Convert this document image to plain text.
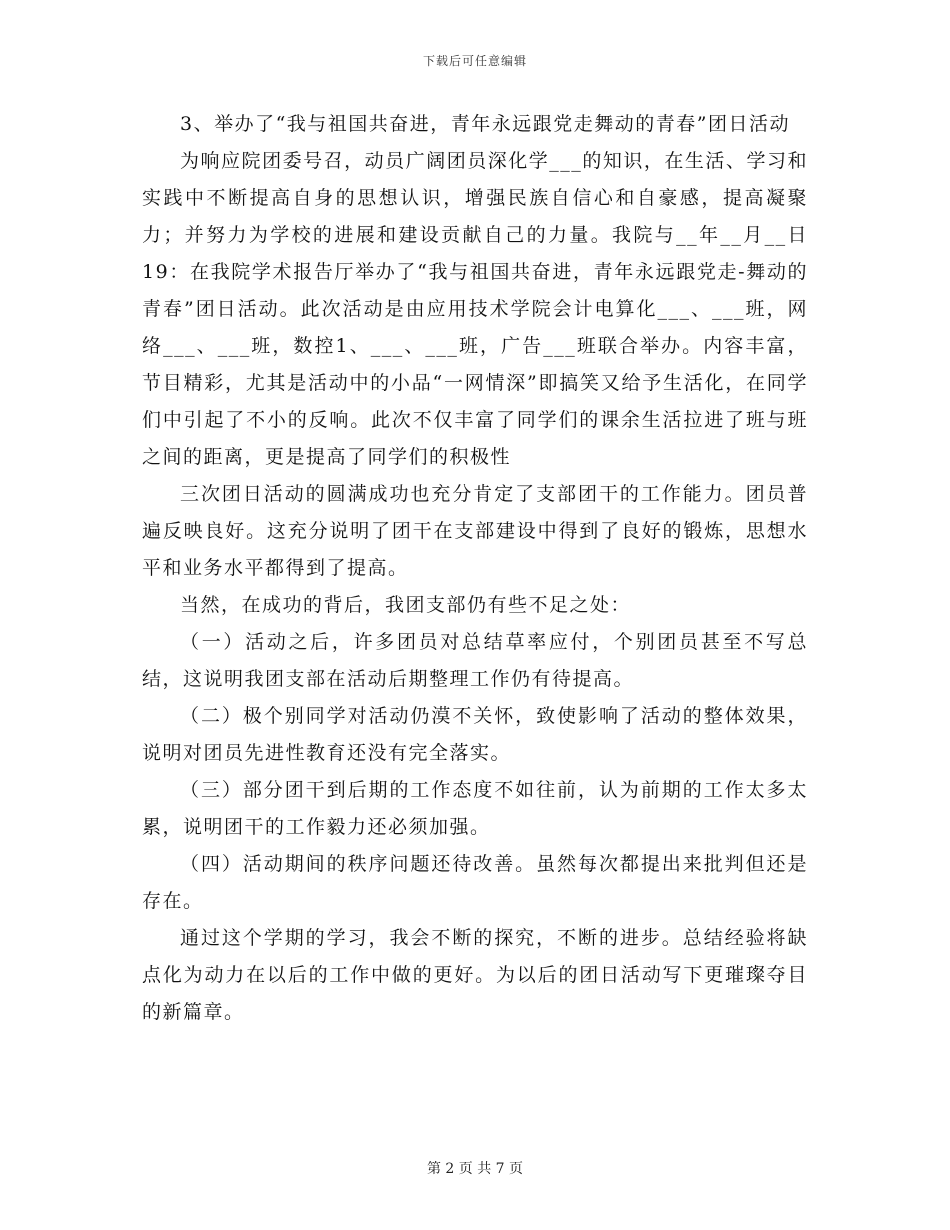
下载后可任意编辑

3、举办了“我与祖国共奋进，青年永远跟党走舞动的青春”团日活动

为响应院团委号召，动员广阔团员深化学___的知识，在生活、学习和实践中不断提高自身的思想认识，增强民族自信心和自豪感，提高凝聚力；并努力为学校的进展和建设贡献自己的力量。我院与__年__月__日19：在我院学术报告厅举办了“我与祖国共奋进，青年永远跟党走-舞动的青春”团日活动。此次活动是由应用技术学院会计电算化___、___班，网络___、___班，数控1、___、___班，广告___班联合举办。内容丰富，节目精彩，尤其是活动中的小品“一网情深”即搞笑又给予生活化，在同学们中引起了不小的反响。此次不仅丰富了同学们的课余生活拉进了班与班之间的距离，更是提高了同学们的积极性

三次团日活动的圆满成功也充分肯定了支部团干的工作能力。团员普遍反映良好。这充分说明了团干在支部建设中得到了良好的锻炼，思想水平和业务水平都得到了提高。

当然，在成功的背后，我团支部仍有些不足之处：

（一）活动之后，许多团员对总结草率应付，个别团员甚至不写总结，这说明我团支部在活动后期整理工作仍有待提高。

（二）极个别同学对活动仍漠不关怀，致使影响了活动的整体效果，说明对团员先进性教育还没有完全落实。

（三）部分团干到后期的工作态度不如往前，认为前期的工作太多太累，说明团干的工作毅力还必须加强。

（四）活动期间的秩序问题还待改善。虽然每次都提出来批判但还是存在。

通过这个学期的学习，我会不断的探究，不断的进步。总结经验将缺点化为动力在以后的工作中做的更好。为以后的团日活动写下更璀璨夺目的新篇章。

第 2 页 共 7 页
